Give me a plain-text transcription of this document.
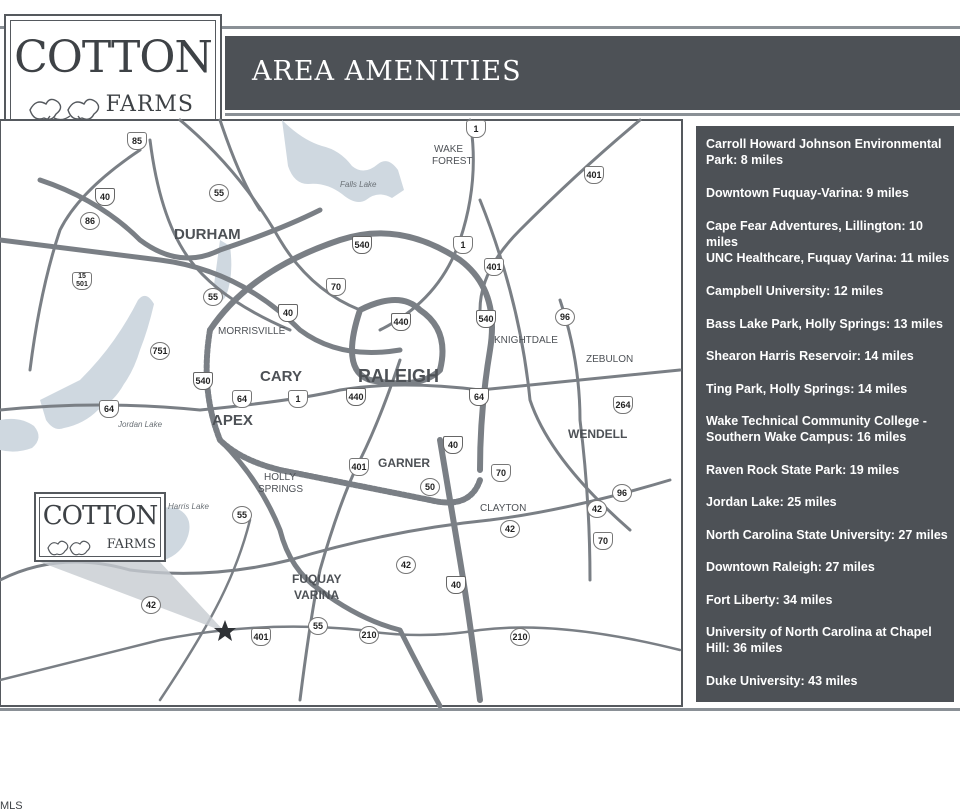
AREA AMENITIES
COTTON
FARMS
DURHAM
WAKE
FOREST
MORRISVILLE
CARY	RALEIGH
KNIGHTDALE
ZEBULON
APEX
WENDELL
GARNER
HOLLY
SPRINGS
CLAYTON
FUQUAY
VARINA
Falls Lake
Jordan Lake
Harris Lake
85
40
86
55
15 501
540
70
1
401
440	540	96
401
1
751
40
55
540
64
64	1	440	64
264
40
401
70
50
96
42
55
42
70
42
401
55
210	210
40
42
MLS
COTTON
FARMS
Carroll Howard Johnson Environmental Park: 8 miles
Downtown Fuquay-Varina: 9 miles
Cape Fear Adventures, Lillington: 10 miles
UNC Healthcare, Fuquay Varina: 11 miles
Campbell University: 12 miles
Bass Lake Park, Holly Springs: 13 miles
Shearon Harris Reservoir: 14 miles
Ting Park, Holly Springs: 14 miles
Wake Technical Community College - Southern Wake Campus: 16 miles
Raven Rock State Park: 19 miles
Jordan Lake: 25 miles
North Carolina State University: 27 miles
Downtown Raleigh: 27 miles
Fort Liberty: 34 miles
University of North Carolina at Chapel Hill: 36 miles
Duke University: 43 miles
